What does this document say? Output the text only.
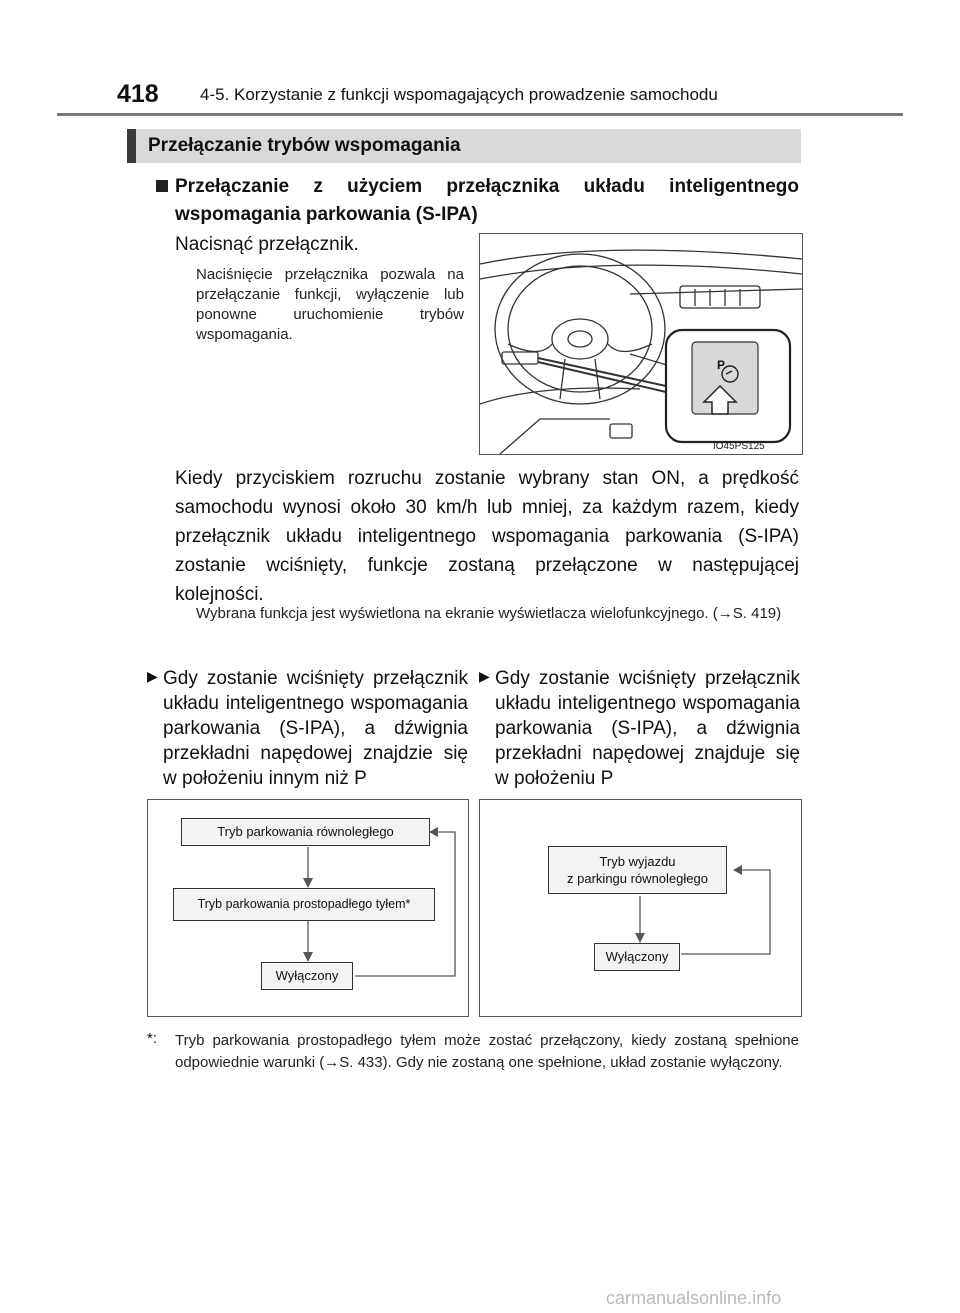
418 4-5. Korzystanie z funkcji wspomagających prowadzenie samochodu
Przełączanie trybów wspomagania
Przełączanie z użyciem przełącznika układu inteligentnego wspomagania parkowania (S-IPA)
Nacisnąć przełącznik.
Naciśnięcie przełącznika pozwala na przełączanie funkcji, wyłączenie lub ponowne uruchomienie trybów wspomagania.
P
IO45PS125
Kiedy przyciskiem rozruchu zostanie wybrany stan ON, a prędkość samochodu wynosi około 30 km/h lub mniej, za każdym razem, kiedy przełącznik układu inteligentnego wspomagania parkowania (S-IPA) zostanie wciśnięty, funkcje zostaną przełączone w następującej kolejności.
Wybrana funkcja jest wyświetlona na ekranie wyświetlacza wielofunkcyjnego. (→S. 419)
▶ Gdy zostanie wciśnięty przełącznik układu inteligentnego wspomagania parkowania (S-IPA), a dźwignia przekładni napędowej znajdzie się w położeniu innym niż P
▶ Gdy zostanie wciśnięty przełącznik układu inteligentnego wspomagania parkowania (S-IPA), a dźwignia przekładni napędowej znajduje się w położeniu P
Tryb parkowania równoległego
Tryb parkowania prostopadłego tyłem*
Wyłączony
Tryb wyjazdu
z parkingu równoległego
Wyłączony
*: Tryb parkowania prostopadłego tyłem może zostać przełączony, kiedy zostaną spełnione odpowiednie warunki (→S. 433). Gdy nie zostaną one spełnione, układ zostanie wyłączony.
carmanualsonline.info
